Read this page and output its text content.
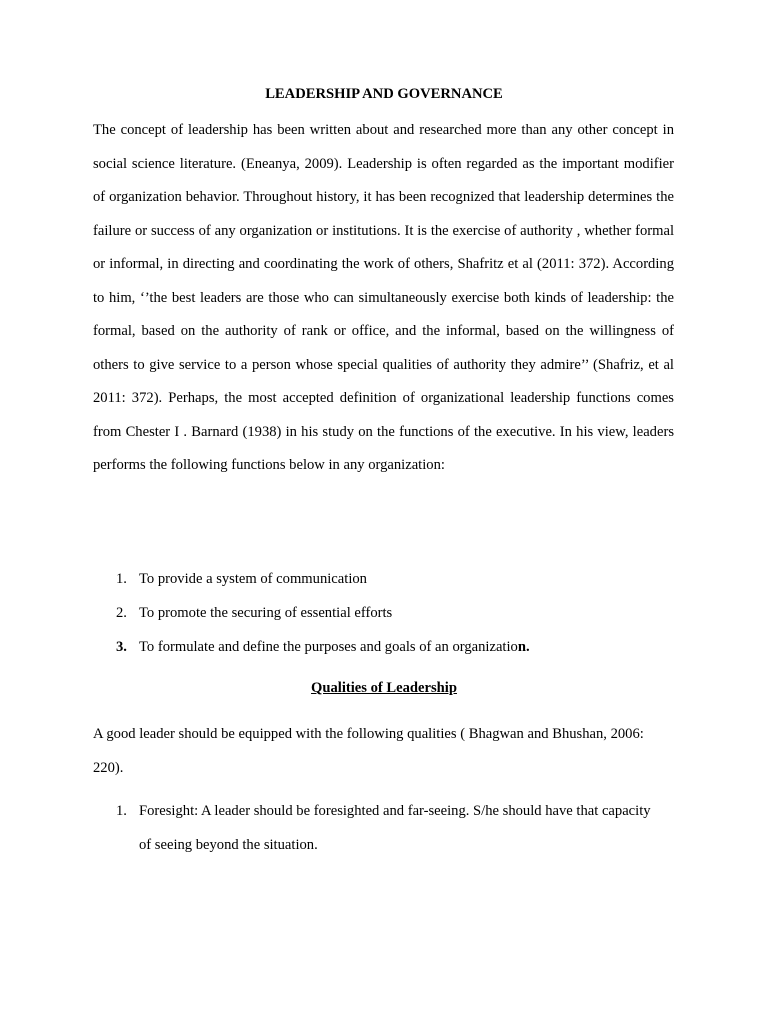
LEADERSHIP AND GOVERNANCE

The concept of leadership has been written about and researched more than any other concept in social science literature. (Eneanya, 2009). Leadership is often regarded as the important modifier of organization behavior. Throughout history, it has been recognized that leadership determines the failure or success of any organization or institutions. It is the exercise of authority , whether formal or informal, in directing and coordinating the work of others, Shafritz et al (2011: 372). According to him, ‘’the best leaders are those who can simultaneously exercise both kinds of leadership: the formal, based on the authority of rank or office, and the informal, based on the willingness of others to give service to a person whose special qualities of authority they admire’’ (Shafriz, et al 2011: 372). Perhaps, the most accepted definition of organizational leadership functions comes from Chester I . Barnard (1938) in his study on the functions of the executive. In his view, leaders performs the following functions below in any organization:

1. To provide a system of communication
2. To promote the securing of essential efforts
3. To formulate and define the purposes and goals of an organization.
Qualities of Leadership

A good leader should be equipped with the following qualities ( Bhagwan and Bhushan, 2006: 220).

1. Foresight: A leader should be foresighted and far-seeing. S/he should have that capacity of seeing beyond the situation.
